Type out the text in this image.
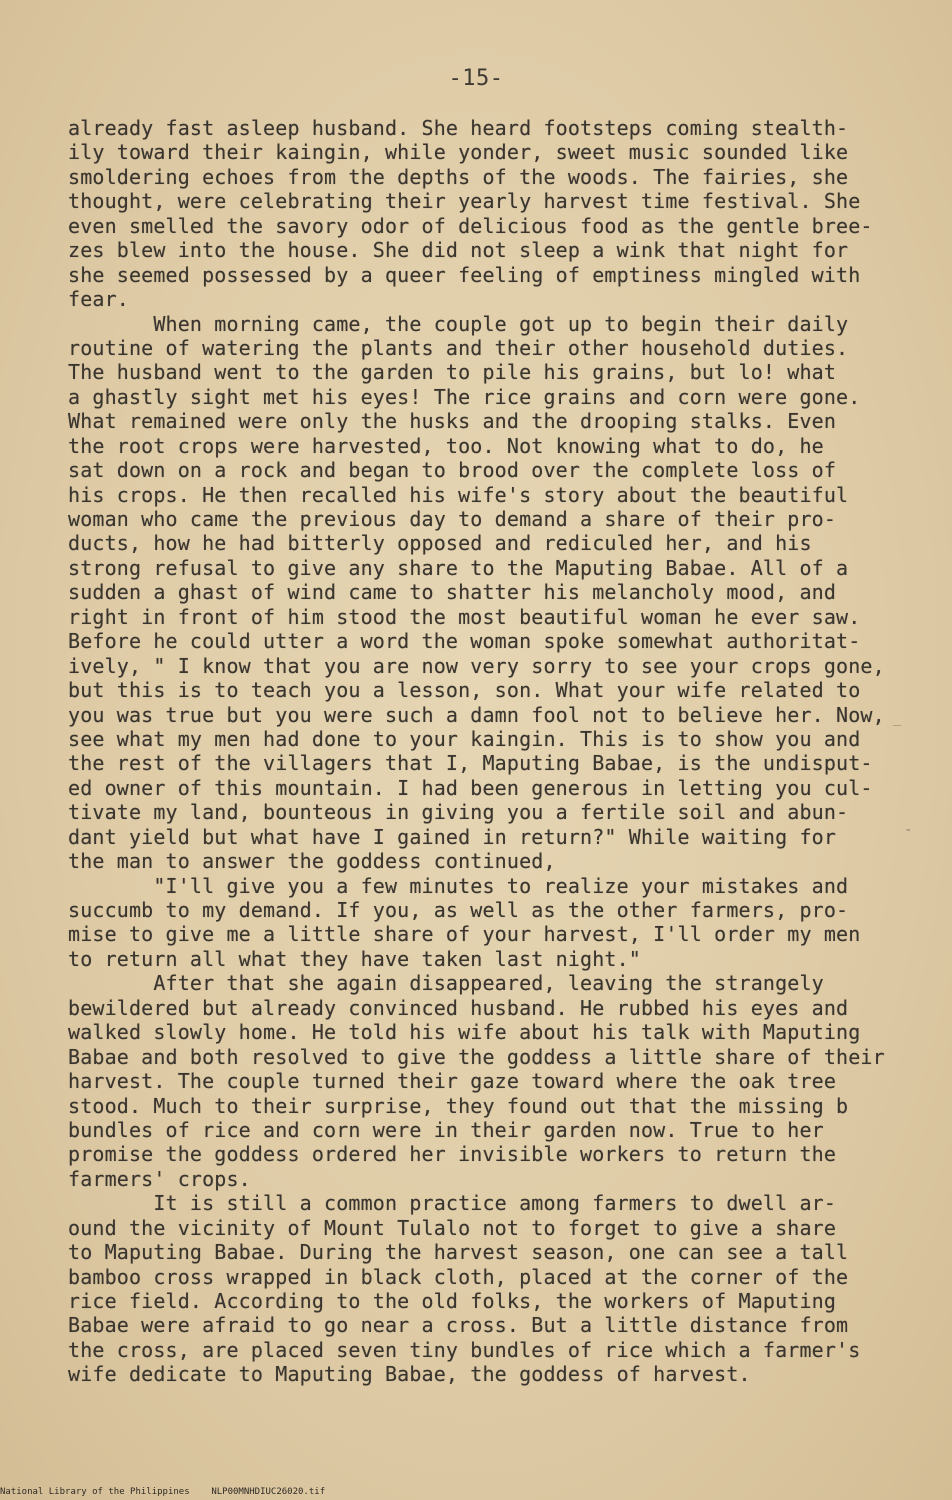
-15-
already fast asleep husband. She heard footsteps coming stealth-
ily toward their kaingin, while yonder, sweet music sounded like
smoldering echoes from the depths of the woods. The fairies, she
thought, were celebrating their yearly harvest time festival. She
even smelled the savory odor of delicious food as the gentle bree-
zes blew into the house. She did not sleep a wink that night for
she seemed possessed by a queer feeling of emptiness mingled with
fear.
When morning came, the couple got up to begin their daily
routine of watering the plants and their other household duties.
The husband went to the garden to pile his grains, but lo! what
a ghastly sight met his eyes! The rice grains and corn were gone.
What remained were only the husks and the drooping stalks. Even
the root crops were harvested, too. Not knowing what to do, he
sat down on a rock and began to brood over the complete loss of
his crops. He then recalled his wife's story about the beautiful
woman who came the previous day to demand a share of their pro-
ducts, how he had bitterly opposed and rediculed her, and his
strong refusal to give any share to the Maputing Babae. All of a
sudden a ghast of wind came to shatter his melancholy mood, and
right in front of him stood the most beautiful woman he ever saw.
Before he could utter a word the woman spoke somewhat authoritat-
ively, " I know that you are now very sorry to see your crops gone,
but this is to teach you a lesson, son. What your wife related to
you was true but you were such a damn fool not to believe her. Now,
see what my men had done to your kaingin. This is to show you and
the rest of the villagers that I, Maputing Babae, is the undisput-
ed owner of this mountain. I had been generous in letting you cul-
tivate my land, bounteous in giving you a fertile soil and abun-
dant yield but what have I gained in return?" While waiting for
the man to answer the goddess continued,
"I'll give you a few minutes to realize your mistakes and
succumb to my demand. If you, as well as the other farmers, pro-
mise to give me a little share of your harvest, I'll order my men
to return all what they have taken last night."
After that she again disappeared, leaving the strangely
bewildered but already convinced husband. He rubbed his eyes and
walked slowly home. He told his wife about his talk with Maputing
Babae and both resolved to give the goddess a little share of their
harvest. The couple turned their gaze toward where the oak tree
stood. Much to their surprise, they found out that the missing b
bundles of rice and corn were in their garden now. True to her
promise the goddess ordered her invisible workers to return the
farmers' crops.
It is still a common practice among farmers to dwell ar-
ound the vicinity of Mount Tulalo not to forget to give a share
to Maputing Babae. During the harvest season, one can see a tall
bamboo cross wrapped in black cloth, placed at the corner of the
rice field. According to the old folks, the workers of Maputing
Babae were afraid to go near a cross. But a little distance from
the cross, are placed seven tiny bundles of rice which a farmer's
wife dedicate to Maputing Babae, the goddess of harvest.
-
_
National Library of the Philippines    NLP00MNHDIUC26020.tif
